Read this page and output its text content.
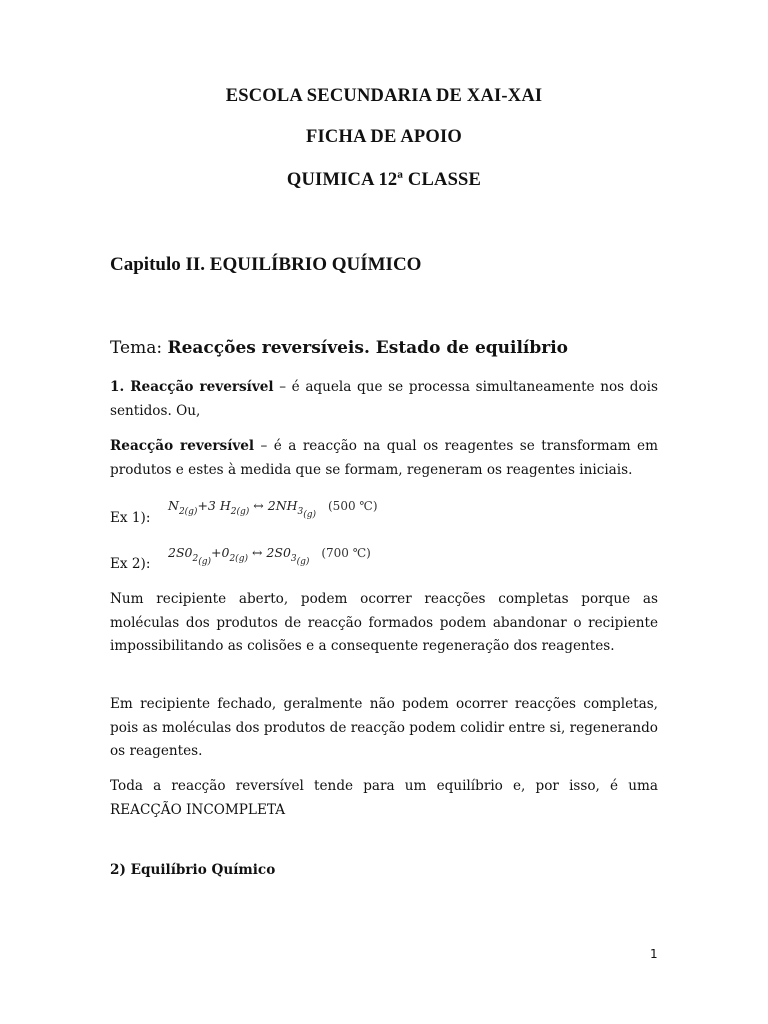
ESCOLA SECUNDARIA DE XAI-XAI
FICHA DE APOIO
QUIMICA 12ª CLASSE
Capitulo II. EQUILÍBRIO QUÍMICO
Tema: Reacções reversíveis. Estado de equilíbrio
1. Reacção reversível – é aquela que se processa simultaneamente nos dois sentidos. Ou,
Reacção reversível – é a reacção na qual os reagentes se transformam em produtos e estes à medida que se formam, regeneram os reagentes iniciais.
Ex 1):
$N_{2(g)}+3$ $H_{2(g)}$ ↔ $2NH_{3(g)}$   (500 ℃)
Ex 2):
$2S0_{2(g)}+0_{2(g)}$ ↔ $2S0_{3(g)}$   (700 ℃)
Num recipiente aberto, podem ocorrer reacções completas porque as moléculas dos produtos de reacção formados podem abandonar o recipiente impossibilitando as colisões e a consequente regeneração dos reagentes.
Em recipiente fechado, geralmente não podem ocorrer reacções completas, pois as moléculas dos produtos de reacção podem colidir entre si, regenerando os reagentes.
Toda a reacção reversível tende para um equilíbrio e, por isso, é uma REACÇÃO INCOMPLETA
2) Equilíbrio Químico
1
